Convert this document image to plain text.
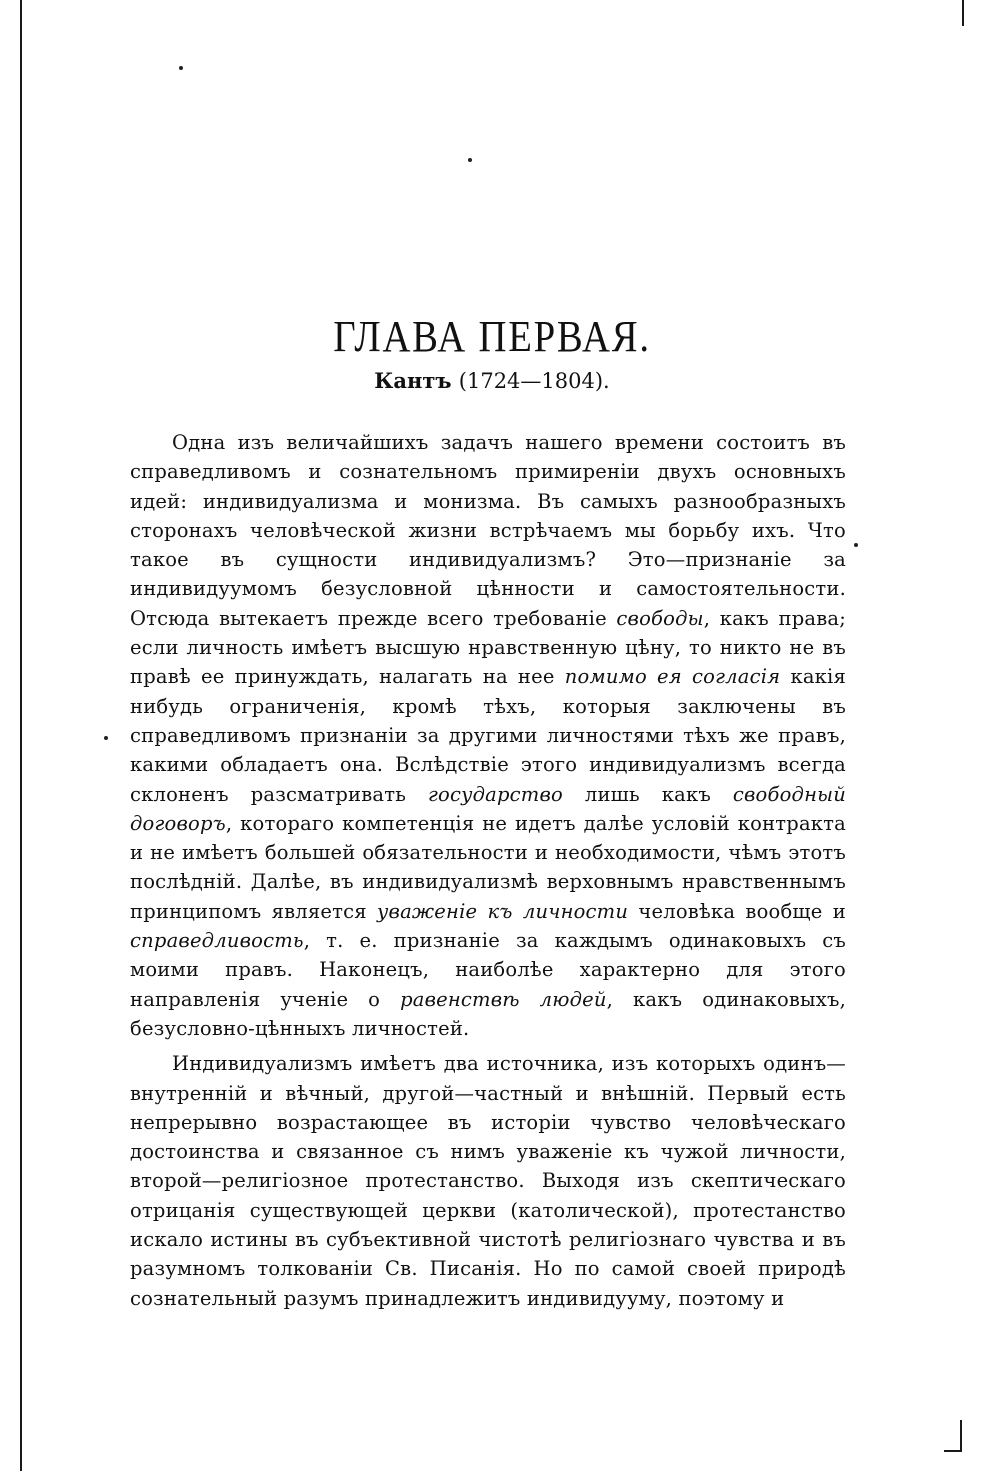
ГЛАВА ПЕРВАЯ.
Кантъ (1724—1804).

Одна изъ величайшихъ задачъ нашего времени состоитъ въ справедливомъ и сознательномъ примиреніи двухъ основныхъ идей: индивидуализма и монизма. Въ самыхъ разнообразныхъ сторонахъ человѣческой жизни встрѣчаемъ мы борьбу ихъ. Что такое въ сущности индивидуализмъ? Это—признаніе за индивидуумомъ безусловной цѣнности и самостоятельности. Отсюда вытекаетъ прежде всего требованіе свободы, какъ права; если личность имѣетъ высшую нравственную цѣну, то никто не въ правѣ ее принуждать, налагать на нее помимо ея согласія какія нибудь ограниченія, кромѣ тѣхъ, которыя заключены въ справедливомъ признаніи за другими личностями тѣхъ же правъ, какими обладаетъ она. Вслѣдствіе этого индивидуализмъ всегда склоненъ разсматривать государство лишь какъ свободный договоръ, котораго компетенція не идетъ далѣе условій контракта и не имѣетъ большей обязательности и необходимости, чѣмъ этотъ послѣдній. Далѣе, въ индивидуализмѣ верховнымъ нравственнымъ принципомъ является уваженіе къ личности человѣка вообще и справедливость, т. е. признаніе за каждымъ одинаковыхъ съ моими правъ. Наконецъ, наиболѣе характерно для этого направленія ученіе о равенствѣ людей, какъ одинаковыхъ, безусловно-цѣнныхъ личностей.

Индивидуализмъ имѣетъ два источника, изъ которыхъ одинъ—внутренній и вѣчный, другой—частный и внѣшній. Первый есть непрерывно возрастающее въ исторіи чувство человѣческаго достоинства и связанное съ нимъ уваженіе къ чужой личности, второй—религіозное протестанство. Выходя изъ скептическаго отрицанія существующей церкви (католической), протестанство искало истины въ субъективной чистотѣ религіознаго чувства и въ разумномъ толкованіи Св. Писанія. Но по самой своей природѣ сознательный разумъ принадлежитъ индивидууму, поэтому и
